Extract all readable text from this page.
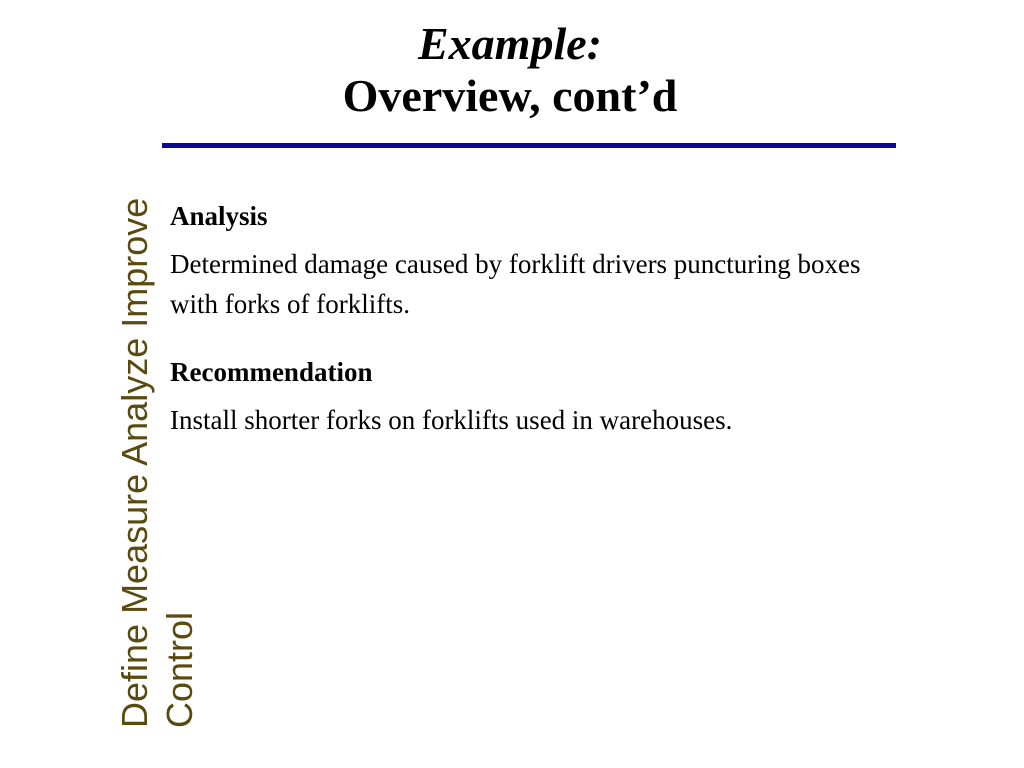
Define Measure Analyze Improve Control
Example:
Overview, cont’d
Analysis
Determined damage caused by forklift drivers puncturing boxes with forks of forklifts.
Recommendation
Install shorter forks on forklifts used in warehouses.
